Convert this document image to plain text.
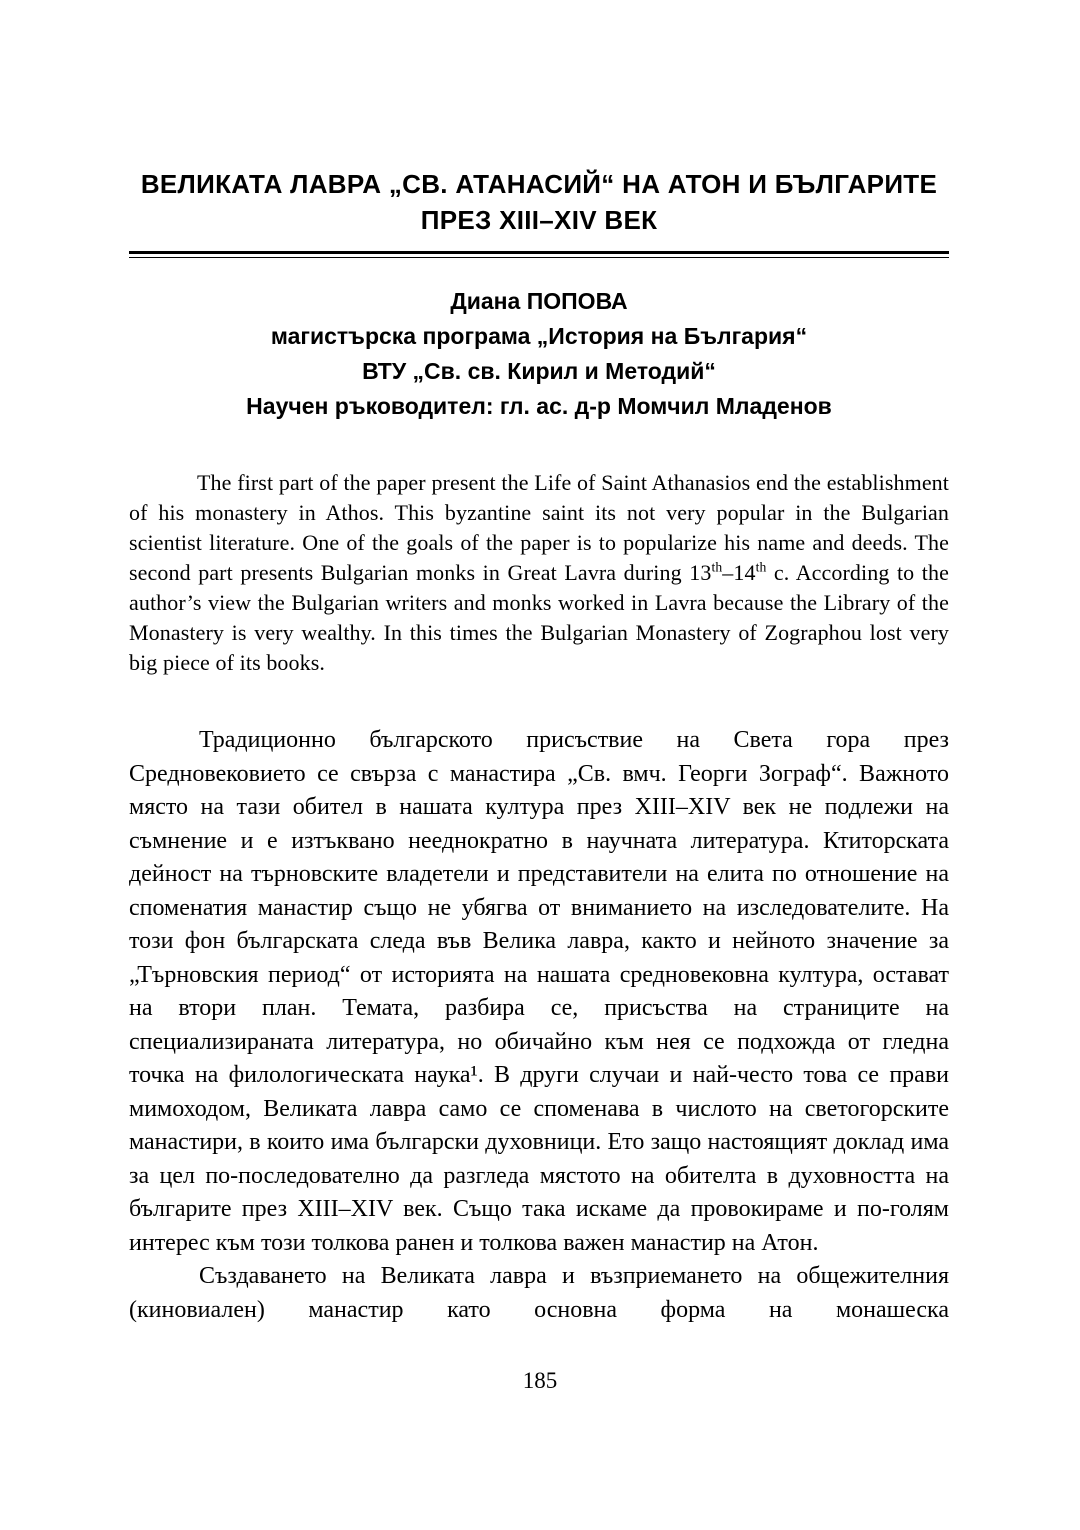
ВЕЛИКАТА ЛАВРА „СВ. АТАНАСИЙ“ НА АТОН И БЪЛГАРИТЕ
ПРЕЗ XIII–XIV ВЕК
Диана ПОПОВА
магистърска програма „История на България“
ВТУ „Св. св. Кирил и Методий“
Научен ръководител: гл. ас. д-р Момчил Младенов

The first part of the paper present the Life of Saint Athanasios end the establishment of his monastery in Athos. This byzantine saint its not very popular in the Bulgarian scientist literature. One of the goals of the paper is to popularize his name and deeds. The second part presents Bulgarian monks in Great Lavra during 13th–14th c. According to the author’s view the Bulgarian writers and monks worked in Lavra because the Library of the Monastery is very wealthy. In this times the Bulgarian Monastery of Zographou lost very big piece of its books.

Традиционно българското присъствие на Света гора през Средновековието се свърза с манастира „Св. вмч. Георги Зограф“. Важното място на тази обител в нашата култура през XIII–XIV век не подлежи на съмнение и е изтъквано нееднократно в научната литература. Ктиторската дейност на търновските владетели и представители на елита по отношение на споменатия манастир също не убягва от вниманието на изследователите. На този фон българската следа във Велика лавра, както и нейното значение за „Търновския период“ от историята на нашата средновековна култура, остават на втори план. Темата, разбира се, присъства на страниците на специализираната литература, но обичайно към нея се подхожда от гледна точка на филологическата наука¹. В други случаи и най-често това се прави мимоходом, Великата лавра само се споменава в числото на светогорските манастири, в които има български духовници. Ето защо настоящият доклад има за цел по-последователно да разгледа мястото на обителта в духовността на българите през XIII–XIV век. Също така искаме да провокираме и по-голям интерес към този толкова ранен и толкова важен манастир на Атон.

Създаването на Великата лавра и възприемането на общежителния (киновиален) манастир като основна форма на монашеска

185
